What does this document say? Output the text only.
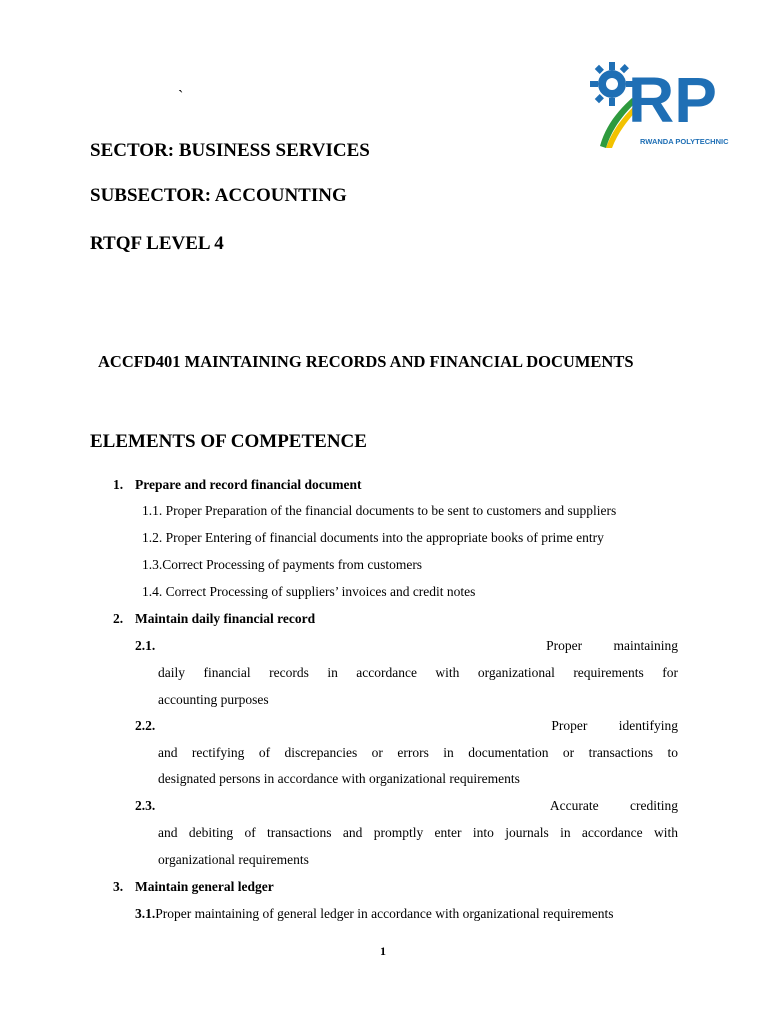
RP
RWANDA POLYTECHNIC
`
SECTOR: BUSINESS SERVICES
SUBSECTOR: ACCOUNTING
RTQF LEVEL 4
ACCFD401 MAINTAINING RECORDS AND FINANCIAL DOCUMENTS
ELEMENTS OF COMPETENCE
1. Prepare and record financial document
1.1. Proper Preparation of the financial documents to be sent to customers and suppliers
1.2. Proper Entering of financial documents into the appropriate books of prime entry
1.3.Correct Processing of payments from customers
1.4. Correct Processing of suppliers’ invoices and credit notes
2. Maintain daily financial record
2.1.	Proper maintaining
daily financial records in accordance with organizational requirements for
accounting purposes
2.2.	Proper identifying
and rectifying of discrepancies or errors in documentation or transactions to
designated persons in accordance with organizational requirements
2.3.	Accurate crediting
and debiting of transactions and promptly enter into journals in accordance with
organizational requirements
3. Maintain general ledger
3.1.Proper maintaining of general ledger in accordance with organizational requirements
1
